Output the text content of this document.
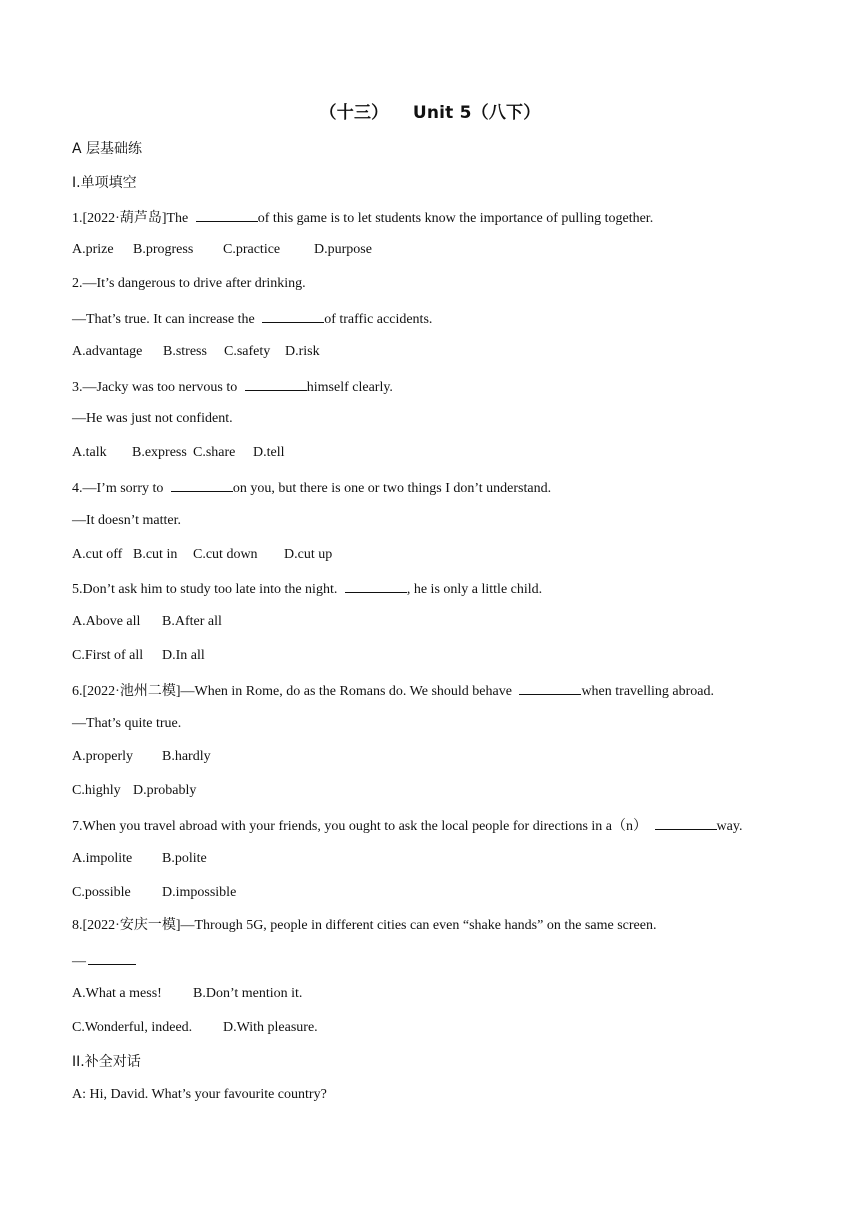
（十三）    Unit 5（八下）
A 层基础练
I.单项填空
1.[2022·葫芦岛]The	of this game is to let students know the importance of pulling together.
A.prize B.progress C.practice D.purpose
2.—It’s dangerous to drive after drinking.
—That’s true. It can increase the	of traffic accidents.
A.advantage B.stress C.safety D.risk
3.—Jacky was too nervous to	himself clearly.
—He was just not confident.
A.talk B.express C.share D.tell
4.—I’m sorry to	on you, but there is one or two things I don’t understand.
—It doesn’t matter.
A.cut off B.cut in C.cut down D.cut up
5.Don’t ask him to study too late into the night.	, he is only a little child.
A.Above all B.After all
C.First of all D.In all
6.[2022·池州二模]—When in Rome, do as the Romans do. We should behave	when travelling abroad.
—That’s quite true.
A.properly B.hardly
C.highly D.probably
7.When you travel abroad with your friends, you ought to ask the local people for directions in a（n）	way.
A.impolite B.polite
C.possible D.impossible
8.[2022·安庆一模]—Through 5G, people in different cities can even “shake hands” on the same screen.
—
A.What a mess! B.Don’t mention it.
C.Wonderful, indeed. D.With pleasure.
II.补全对话
A: Hi, David. What’s your favourite country?
